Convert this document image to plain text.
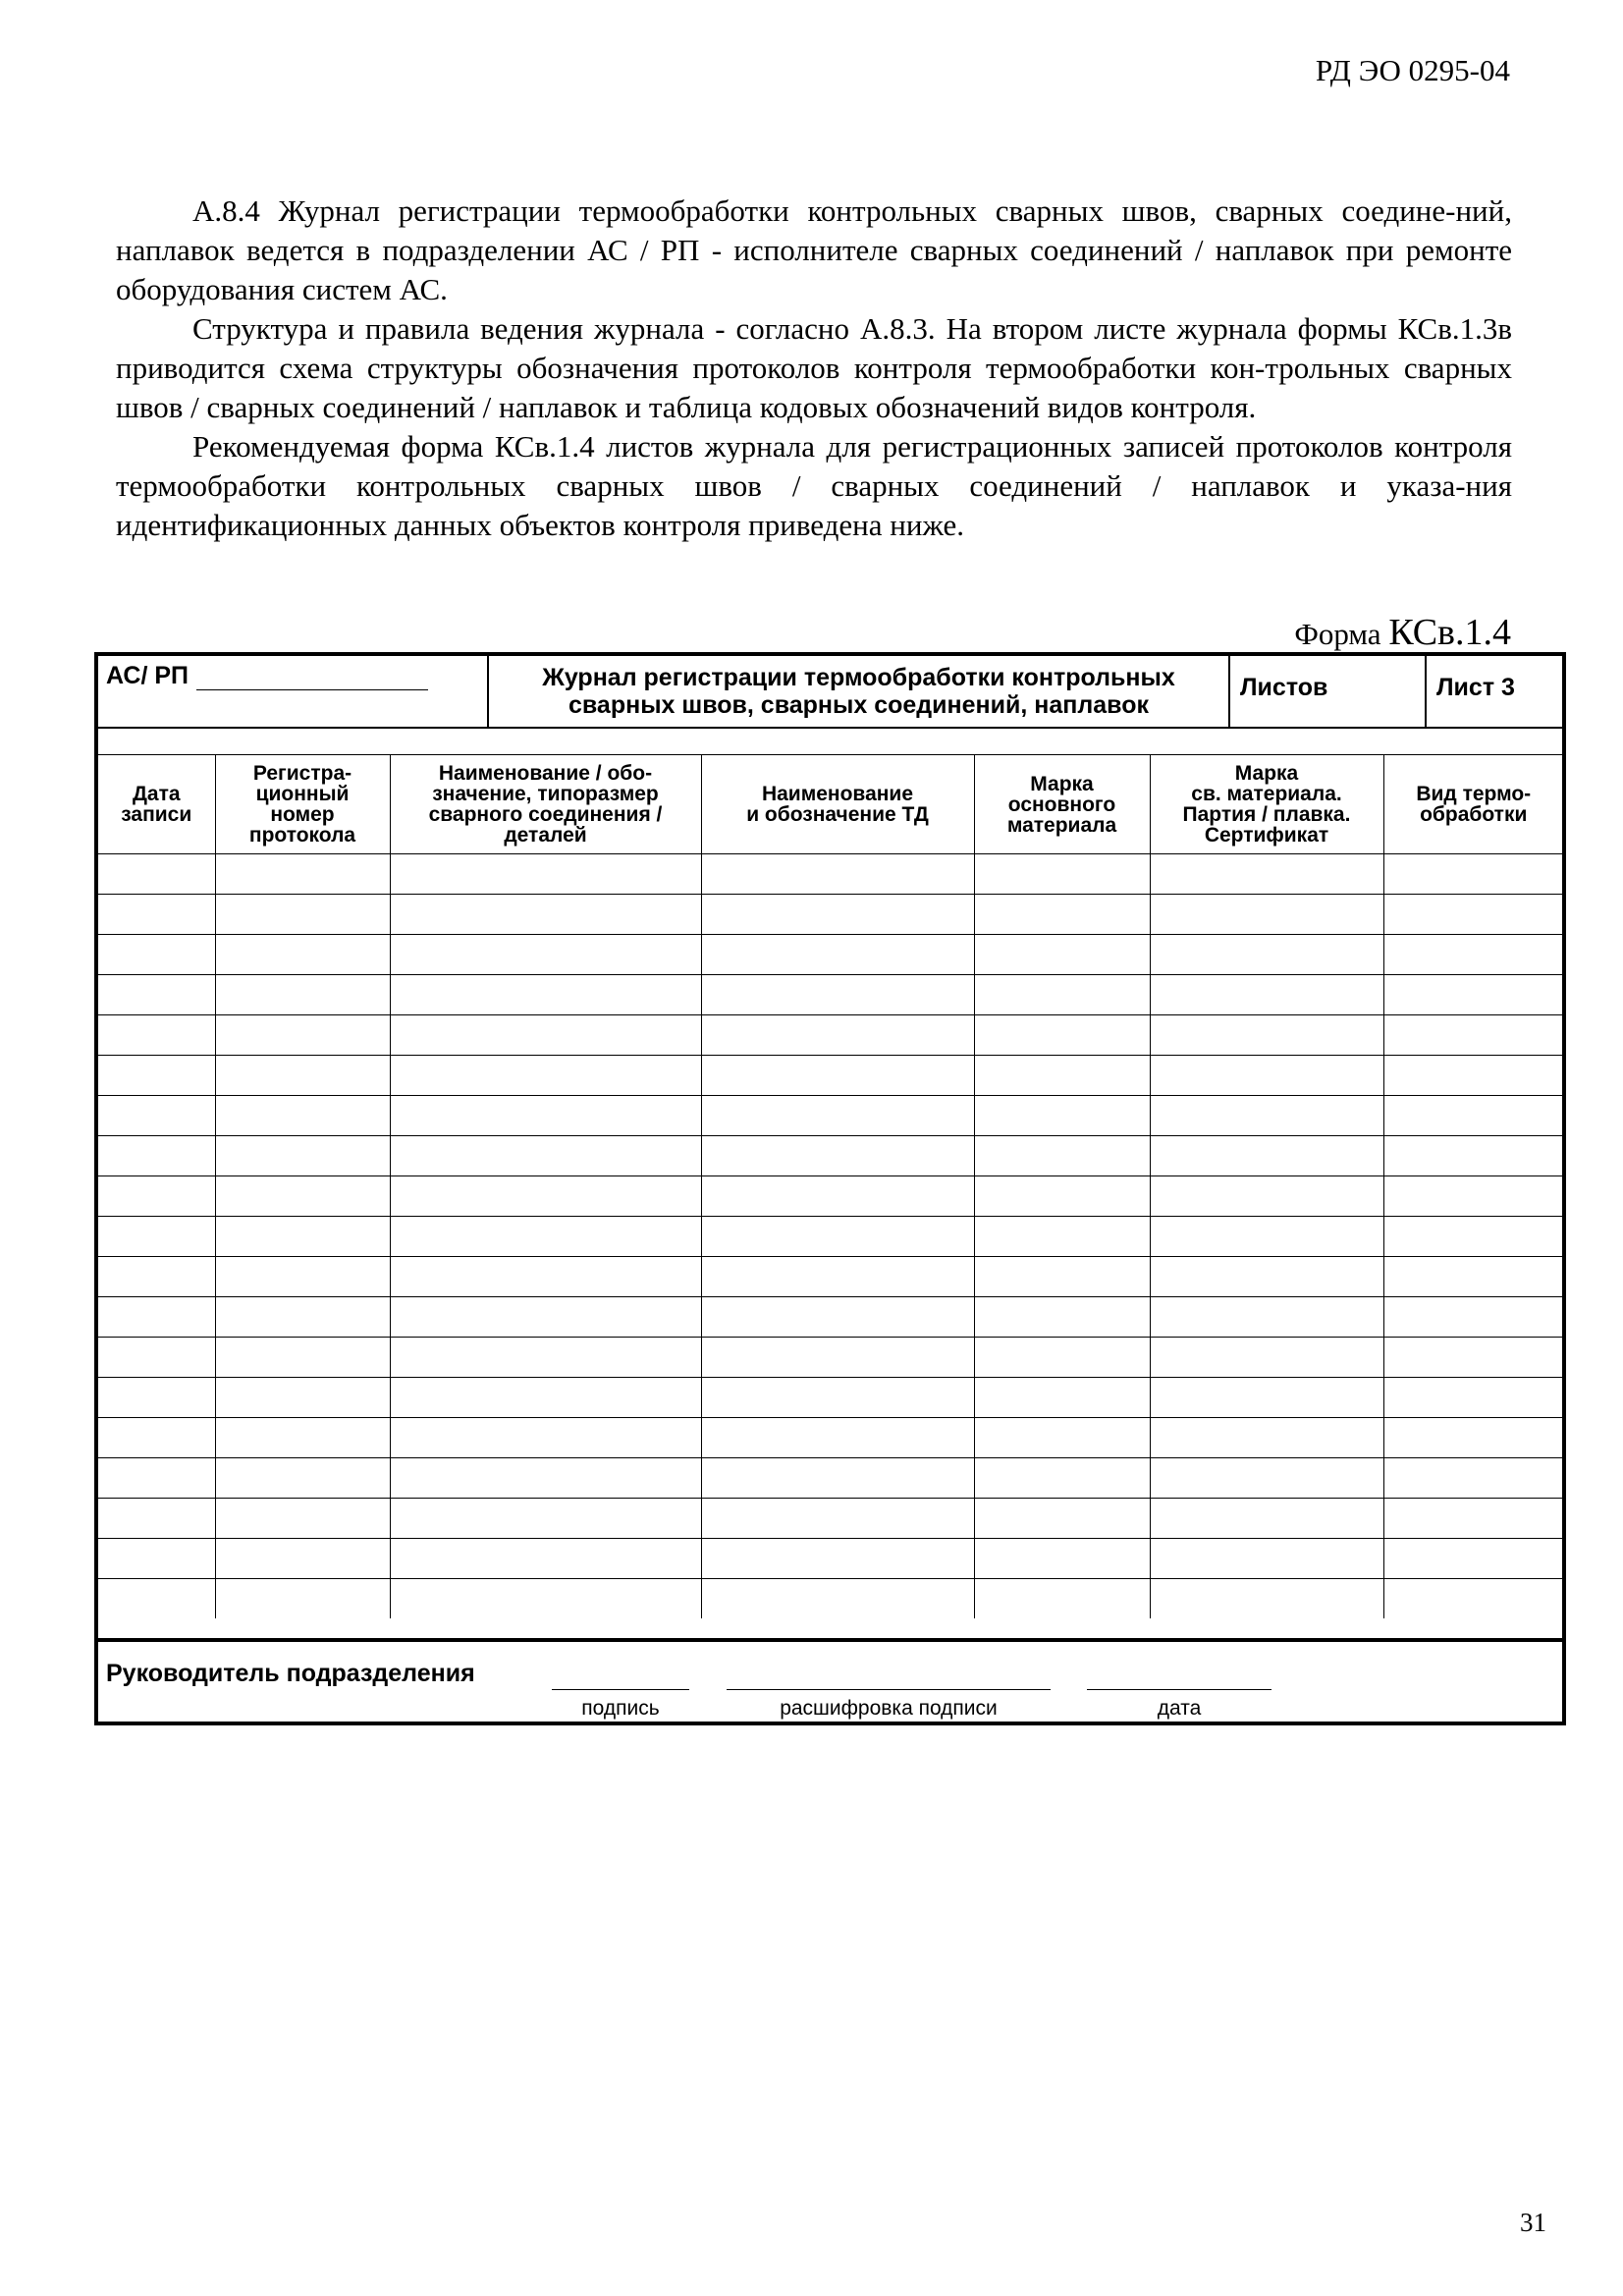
РД ЭО 0295-04

А.8.4 Журнал регистрации термообработки контрольных сварных швов, сварных соедине-ний, наплавок ведется в подразделении АС / РП - исполнителе сварных соединений / наплавок при ремонте оборудования систем АС.

Структура и правила ведения журнала - согласно А.8.3. На втором листе журнала формы КСв.1.3в приводится схема структуры обозначения протоколов контроля термообработки кон-трольных сварных швов / сварных соединений / наплавок и таблица кодовых обозначений видов контроля.

Рекомендуемая форма КСв.1.4 листов журнала для регистрационных записей протоколов контроля термообработки контрольных сварных швов / сварных соединений / наплавок и указа-ния идентификационных данных объектов контроля приведена ниже.

Форма КСв.1.4
АС/ РП	Журнал регистрации термообработки контрольных
сварных швов, сварных соединений, наплавок
Листов	Лист 3
Дата
записи	Регистра-
ционный
номер
протокола	Наименование / обо-
значение, типоразмер
сварного соединения /
деталей	Наименование
и обозначение ТД	Марка
основного
материала	Марка
св. материала.
Партия / плавка.
Сертификат	Вид термо-
обработки

Руководитель подразделения
подпись	расшифровка подписи	дата
31
